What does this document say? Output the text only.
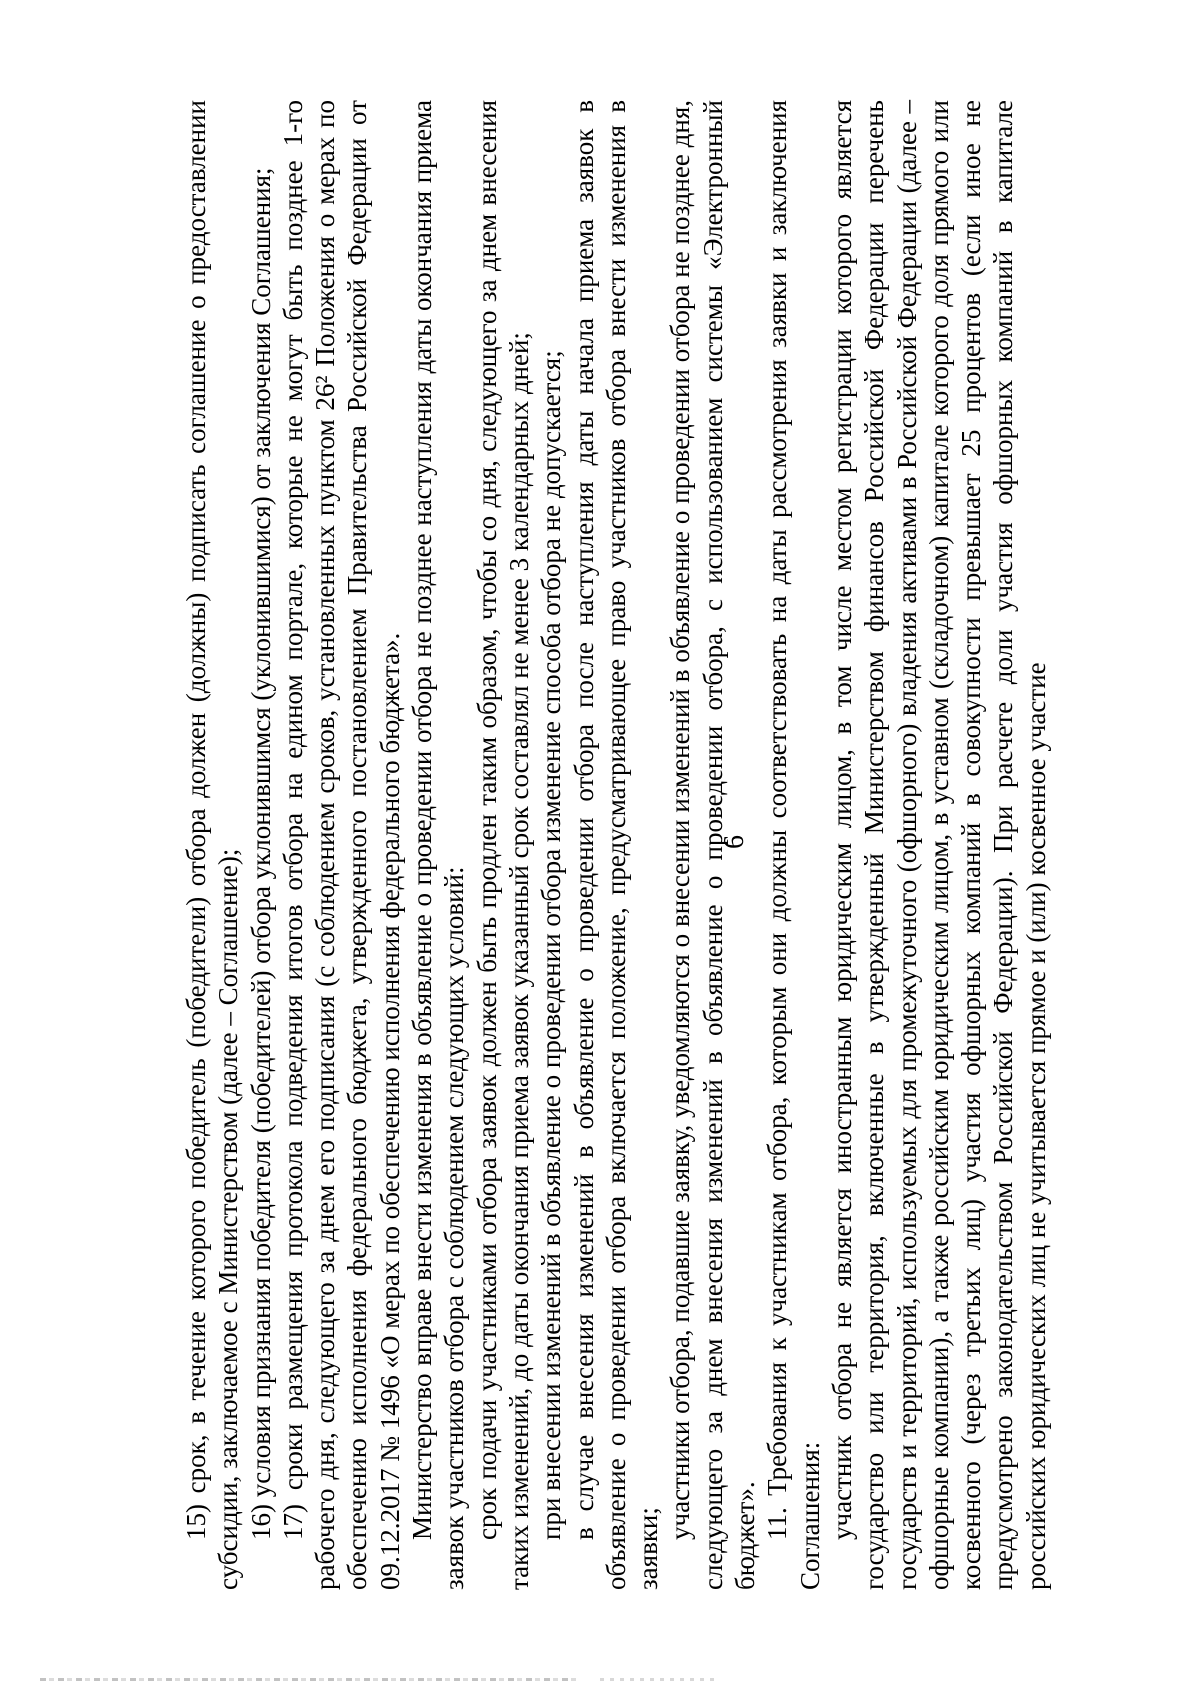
6

15) срок, в течение которого победитель (победители) отбора должен (должны) подписать соглашение о предоставлении субсидии, заключаемое с Министерством (далее – Соглашение); 16) условия признания победителя (победителей) отбора уклонившимся (уклонившимися) от заключения Соглашения; 17) сроки размещения протокола подведения итогов отбора на едином портале, которые не могут быть позднее 1-го рабочего дня, следующего за днем его подписания (с соблюдением сроков, установленных пунктом 26² Положения о мерах по обеспечению исполнения федерального бюджета, утвержденного постановлением Правительства Российской Федерации от 09.12.2017 № 1496 «О мерах по обеспечению исполнения федерального бюджета». Министерство вправе внести изменения в объявление о проведении отбора не позднее наступления даты окончания приема заявок участников отбора с соблюдением следующих условий: срок подачи участниками отбора заявок должен быть продлен таким образом, чтобы со дня, следующего за днем внесения таких изменений, до даты окончания приема заявок указанный срок составлял не менее 3 календарных дней; при внесении изменений в объявление о проведении отбора изменение способа отбора не допускается; в случае внесения изменений в объявление о проведении отбора после наступления даты начала приема заявок в объявление о проведении отбора включается положение, предусматривающее право участников отбора внести изменения в заявки;

участники отбора, подавшие заявку, уведомляются о внесении изменений в объявление о проведении отбора не позднее дня, следующего за днем внесения изменений в объявление о проведении отбора, с использованием системы «Электронный бюджет». 11. Требования к участникам отбора, которым они должны соответствовать на даты рассмотрения заявки и заключения Соглашения: участник отбора не является иностранным юридическим лицом, в том числе местом регистрации которого является государство или территория, включенные в утвержденный Министерством финансов Российской Федерации перечень государств и территорий, используемых для промежуточного (офшорного) владения активами в Российской Федерации (далее – офшорные компании), а также российским юридическим лицом, в уставном (складочном) капитале которого доля прямого или косвенного (через третьих лиц) участия офшорных компаний в совокупности превышает 25 процентов (если иное не предусмотрено законодательством Российской Федерации). При расчете доли участия офшорных компаний в капитале российских юридических лиц не учитывается прямое и (или) косвенное участие
